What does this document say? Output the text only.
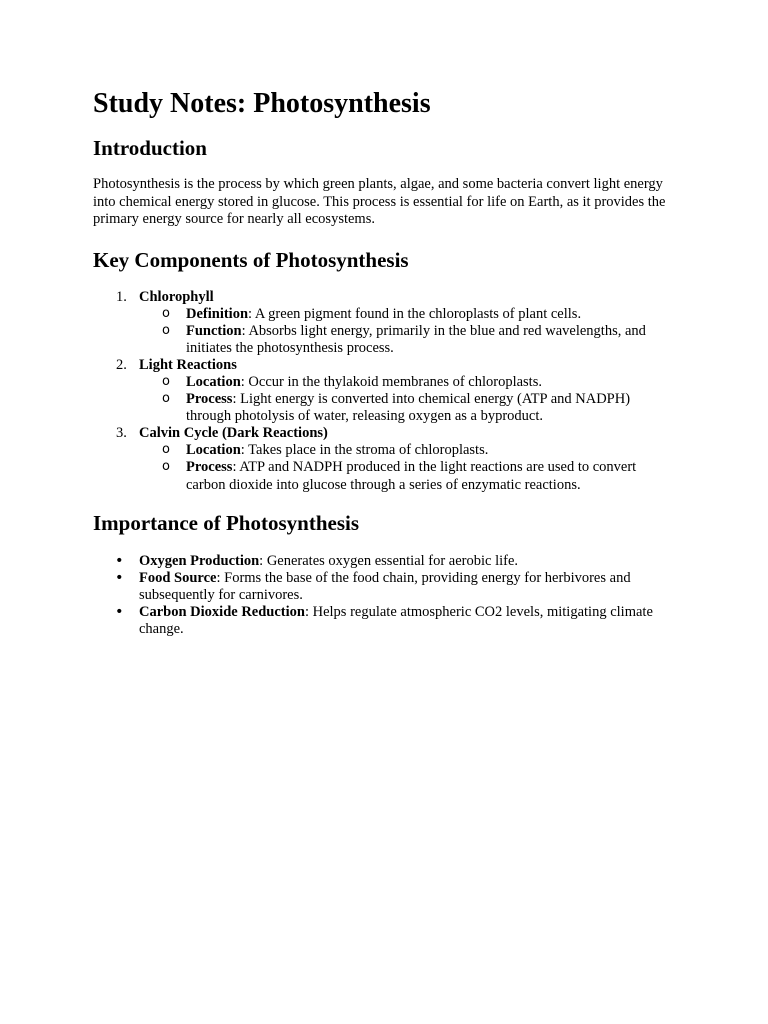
Study Notes: Photosynthesis
Introduction

Photosynthesis is the process by which green plants, algae, and some bacteria convert light energy into chemical energy stored in glucose. This process is essential for life on Earth, as it provides the primary energy source for nearly all ecosystems.

Key Components of Photosynthesis
1. Chlorophyll
o Definition: A green pigment found in the chloroplasts of plant cells.
o Function: Absorbs light energy, primarily in the blue and red wavelengths, and initiates the photosynthesis process.
2. Light Reactions
o Location: Occur in the thylakoid membranes of chloroplasts.
o Process: Light energy is converted into chemical energy (ATP and NADPH) through photolysis of water, releasing oxygen as a byproduct.
3. Calvin Cycle (Dark Reactions)
o Location: Takes place in the stroma of chloroplasts.
o Process: ATP and NADPH produced in the light reactions are used to convert carbon dioxide into glucose through a series of enzymatic reactions.
Importance of Photosynthesis
• Oxygen Production: Generates oxygen essential for aerobic life.
• Food Source: Forms the base of the food chain, providing energy for herbivores and subsequently for carnivores.
• Carbon Dioxide Reduction: Helps regulate atmospheric CO2 levels, mitigating climate change.
